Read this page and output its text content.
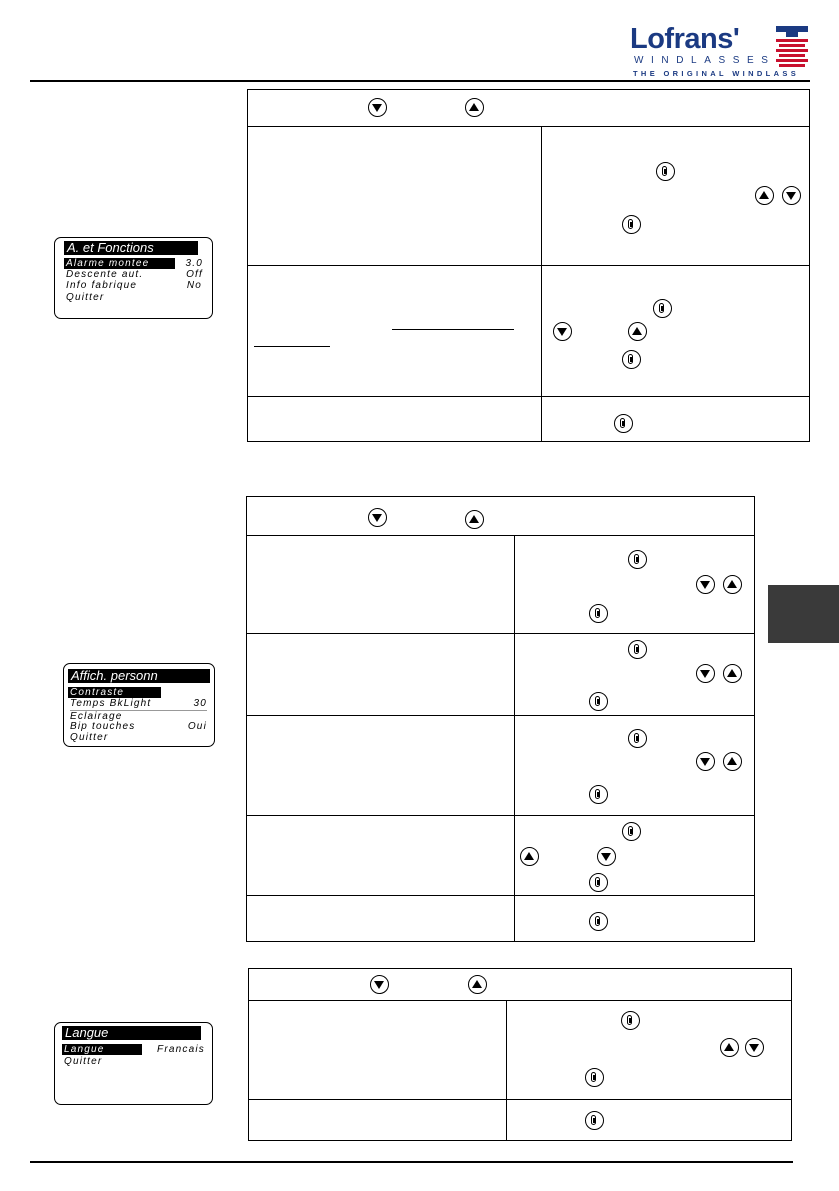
Lofrans'
WINDLASSES
THE ORIGINAL WINDLASS
A. et Fonctions
Alarme montee	3.0
Descente aut.	Off
Info fabrique	No
Quitter
Affich. personn
Contraste
Temps BkLight	30
Eclairage
Bip touches	Oui
Quitter
Langue
Langue	Francais
Quitter
